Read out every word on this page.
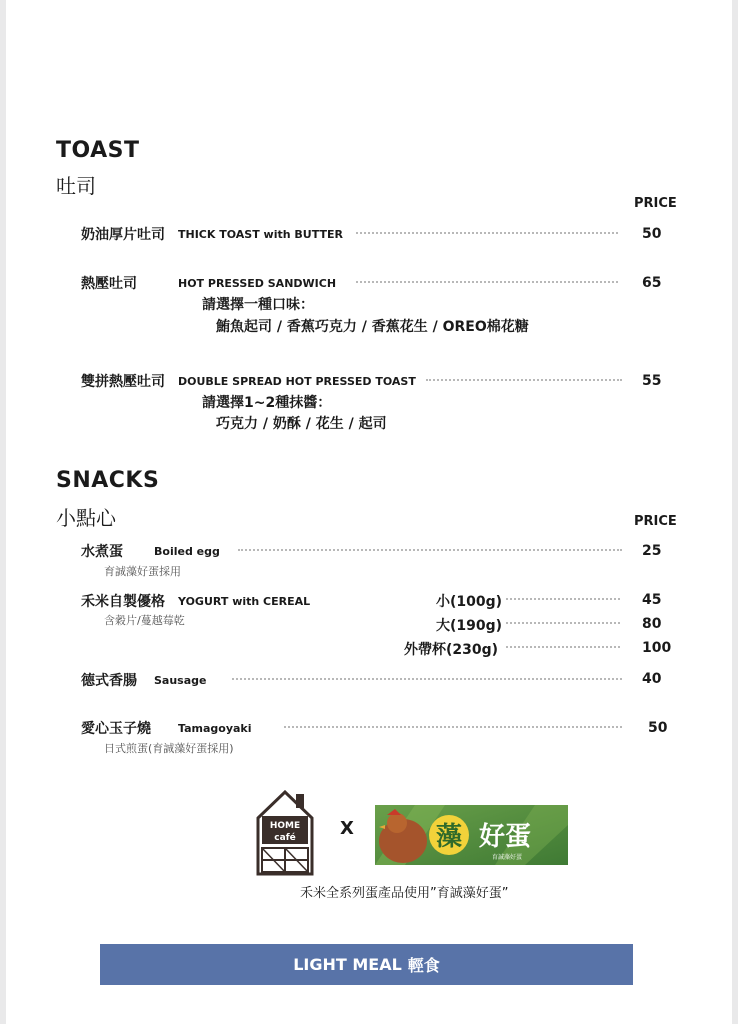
TOAST
吐司
PRICE
奶油厚片吐司 THICK TOAST with BUTTER	50
熱壓吐司	HOT PRESSED SANDWICH	65
請選擇一種口味：
鮪魚起司 / 香蕉巧克力 / 香蕉花生 / OREO棉花糖
雙拼熱壓吐司 DOUBLE SPREAD HOT PRESSED TOAST	55
請選擇1~2種抹醬：
巧克力 / 奶酥 / 花生 / 起司
SNACKS
小點心	PRICE
水煮蛋	Boiled egg	25
育誠藻好蛋採用
禾米自製優格 YOGURT with CEREAL
含穀片/蔓越莓乾
小(100g)	45
大(190g)	80
外帶杯(230g)	100
德式香腸 Sausage	40
愛心玉子燒 Tamagoyaki	50
日式煎蛋(育誠藻好蛋採用)
HOME
café X	藻 好蛋
育誠藻好蛋
禾米全系列蛋產品使用”育誠藻好蛋”
LIGHT MEAL 輕食
